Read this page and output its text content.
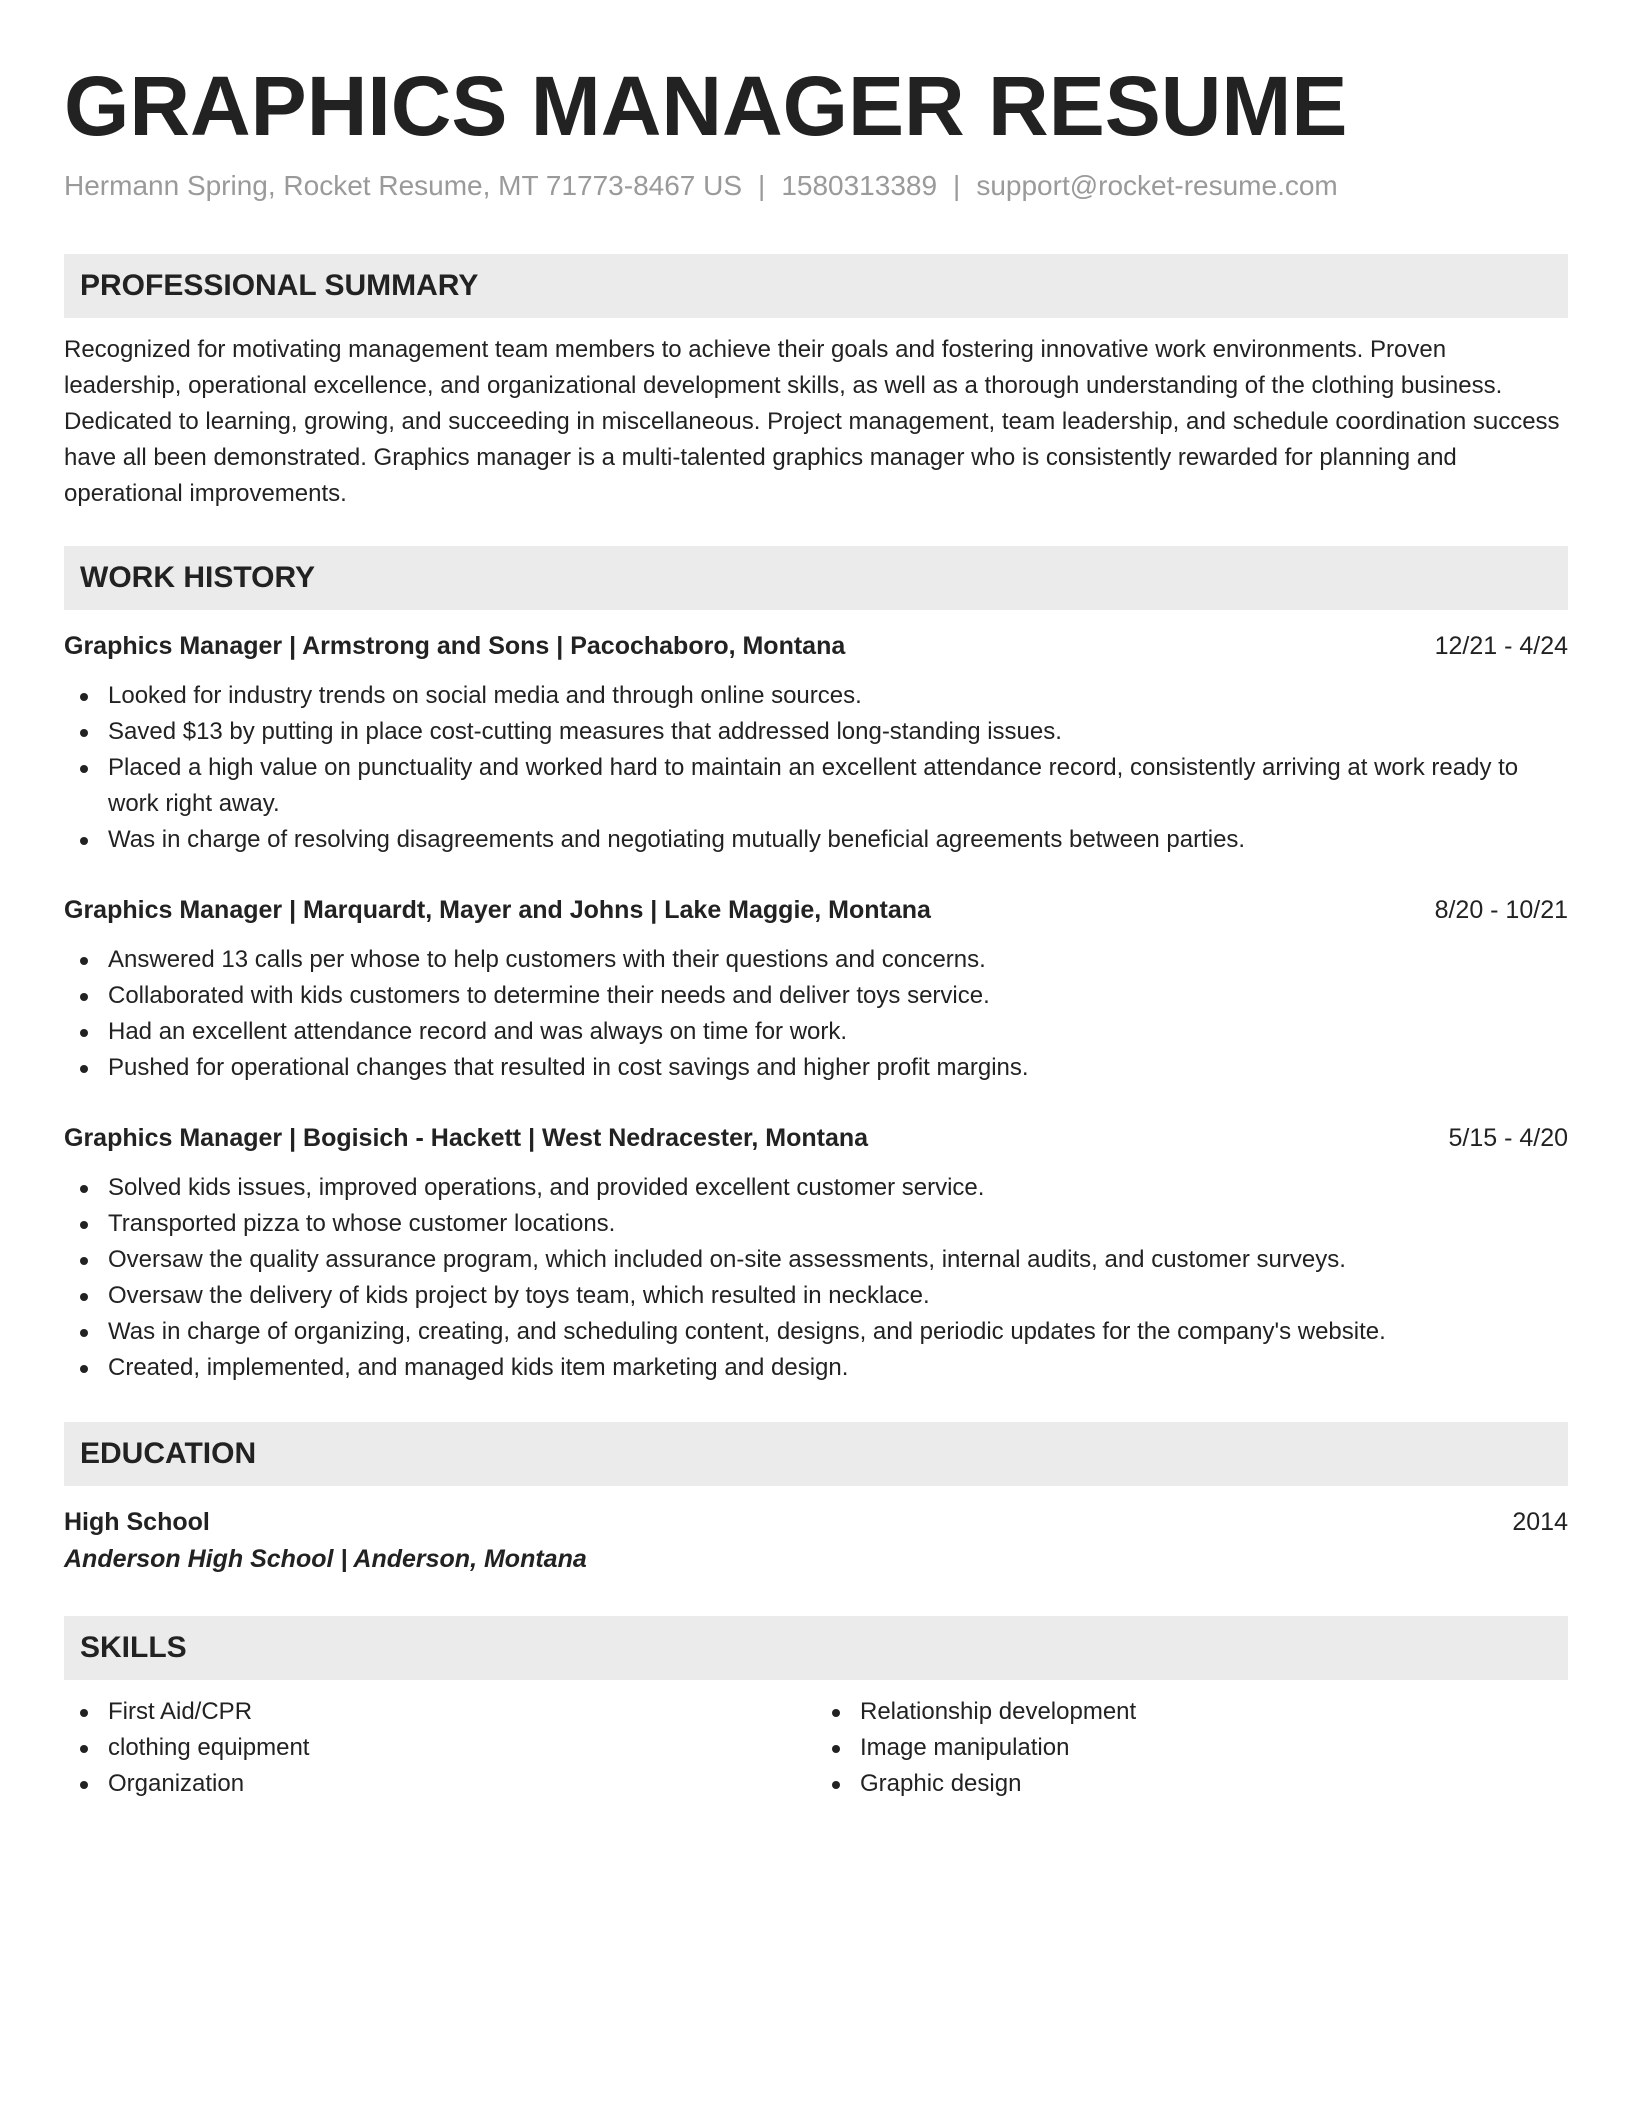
GRAPHICS MANAGER RESUME
Hermann Spring, Rocket Resume, MT 71773-8467 US | 1580313389 | support@rocket-resume.com
PROFESSIONAL SUMMARY
Recognized for motivating management team members to achieve their goals and fostering innovative work environments. Proven leadership, operational excellence, and organizational development skills, as well as a thorough understanding of the clothing business. Dedicated to learning, growing, and succeeding in miscellaneous. Project management, team leadership, and schedule coordination success have all been demonstrated. Graphics manager is a multi-talented graphics manager who is consistently rewarded for planning and operational improvements.
WORK HISTORY
Graphics Manager | Armstrong and Sons | Pacochaboro, Montana	12/21 - 4/24
Looked for industry trends on social media and through online sources.
Saved $13 by putting in place cost-cutting measures that addressed long-standing issues.
Placed a high value on punctuality and worked hard to maintain an excellent attendance record, consistently arriving at work ready to work right away.
Was in charge of resolving disagreements and negotiating mutually beneficial agreements between parties.
Graphics Manager | Marquardt, Mayer and Johns | Lake Maggie, Montana	8/20 - 10/21
Answered 13 calls per whose to help customers with their questions and concerns.
Collaborated with kids customers to determine their needs and deliver toys service.
Had an excellent attendance record and was always on time for work.
Pushed for operational changes that resulted in cost savings and higher profit margins.
Graphics Manager | Bogisich - Hackett | West Nedracester, Montana	5/15 - 4/20
Solved kids issues, improved operations, and provided excellent customer service.
Transported pizza to whose customer locations.
Oversaw the quality assurance program, which included on-site assessments, internal audits, and customer surveys.
Oversaw the delivery of kids project by toys team, which resulted in necklace.
Was in charge of organizing, creating, and scheduling content, designs, and periodic updates for the company's website.
Created, implemented, and managed kids item marketing and design.
EDUCATION
High School	2014
Anderson High School | Anderson, Montana
SKILLS
First Aid/CPR
clothing equipment
Organization
Relationship development
Image manipulation
Graphic design
